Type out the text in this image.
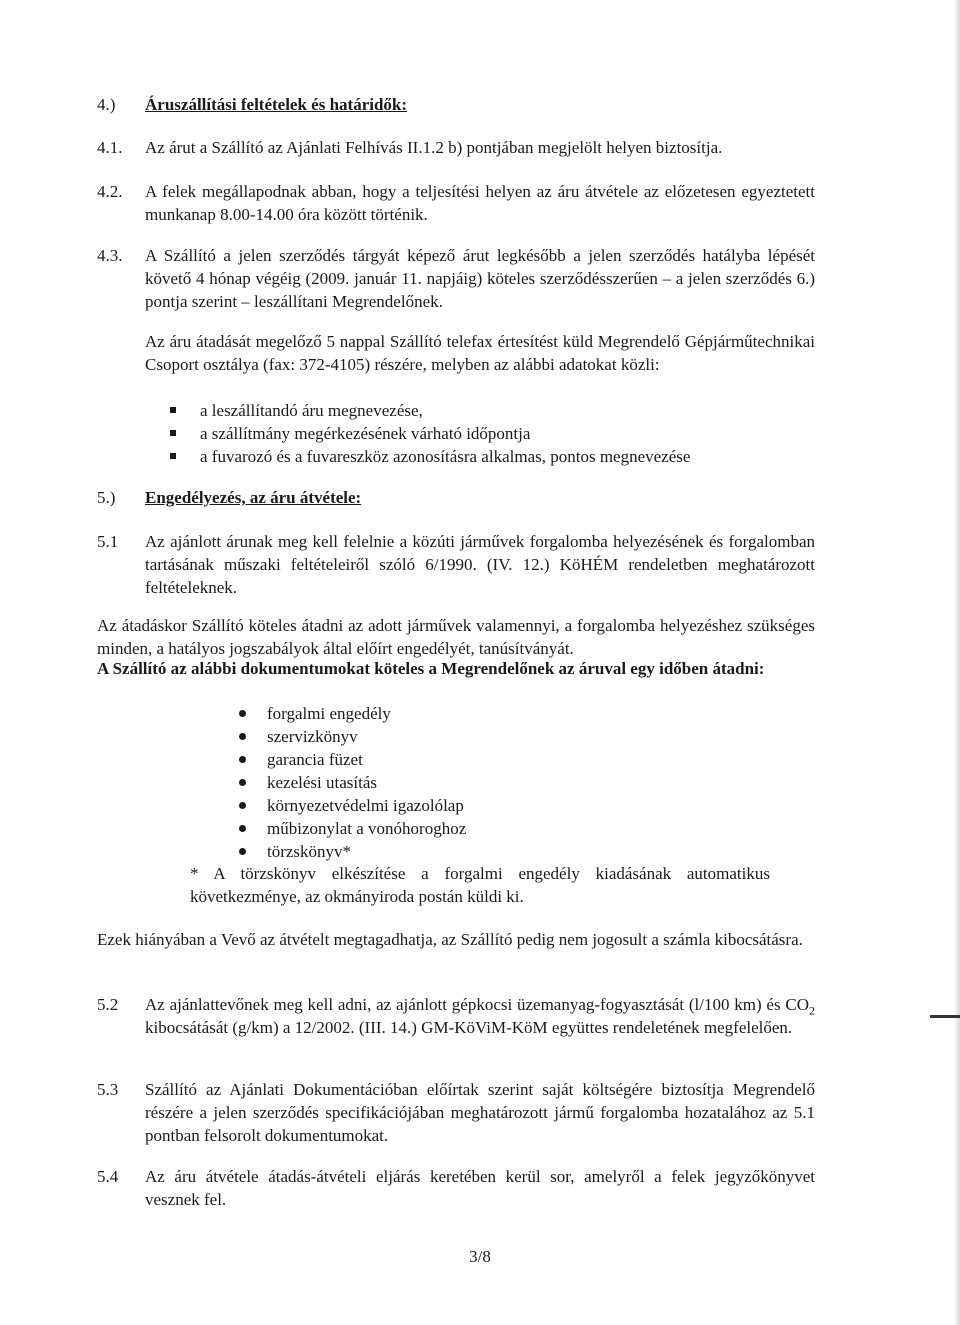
4.) Áruszállítási feltételek és határidők:
4.1. Az árut a Szállító az Ajánlati Felhívás II.1.2 b) pontjában megjelölt helyen biztosítja.
4.2. A felek megállapodnak abban, hogy a teljesítési helyen az áru átvétele az előzetesen egyeztetett munkanap 8.00-14.00 óra között történik.
4.3. A Szállító a jelen szerződés tárgyát képező árut legkésőbb a jelen szerződés hatályba lépését követő 4 hónap végéig (2009. január 11. napjáig) köteles szerződésszerűen – a jelen szerződés 6.) pontja szerint – leszállítani Megrendelőnek.
Az áru átadását megelőző 5 nappal Szállító telefax értesítést küld Megrendelő Gépjárműtechnikai Csoport osztálya (fax: 372-4105) részére, melyben az alábbi adatokat közli:
a leszállítandó áru megnevezése,
a szállítmány megérkezésének várható időpontja
a fuvarozó és a fuvareszköz azonosításra alkalmas, pontos megnevezése
5.) Engedélyezés, az áru átvétele:
5.1 Az ajánlott árunak meg kell felelnie a közúti járművek forgalomba helyezésének és forgalomban tartásának műszaki feltételeiről szóló 6/1990. (IV. 12.) KöHÉM rendeletben meghatározott feltételeknek.
Az átadáskor Szállító köteles átadni az adott járművek valamennyi, a forgalomba helyezéshez szükséges minden, a hatályos jogszabályok által előírt engedélyét, tanúsítványát.
A Szállító az alábbi dokumentumokat köteles a Megrendelőnek az áruval egy időben átadni:
forgalmi engedély
szervizkönyv
garancia füzet
kezelési utasítás
környezetvédelmi igazolólap
műbizonylat a vonóhoroghoz
törzskönyv*
* A törzskönyv elkészítése a forgalmi engedély kiadásának automatikus következménye, az okmányiroda postán küldi ki.
Ezek hiányában a Vevő az átvételt megtagadhatja, az Szállító pedig nem jogosult a számla kibocsátásra.
5.2 Az ajánlattevőnek meg kell adni, az ajánlott gépkocsi üzemanyag-fogyasztását (l/100 km) és $CO_2$ kibocsátását (g/km) a 12/2002. (III. 14.) GM-KöViM-KöM együttes rendeletének megfelelően.
5.3 Szállító az Ajánlati Dokumentációban előírtak szerint saját költségére biztosítja Megrendelő részére a jelen szerződés specifikációjában meghatározott jármű forgalomba hozatalához az 5.1 pontban felsorolt dokumentumokat.
5.4 Az áru átvétele átadás-átvételi eljárás keretében kerül sor, amelyről a felek jegyzőkönyvet vesznek fel.
3/8
